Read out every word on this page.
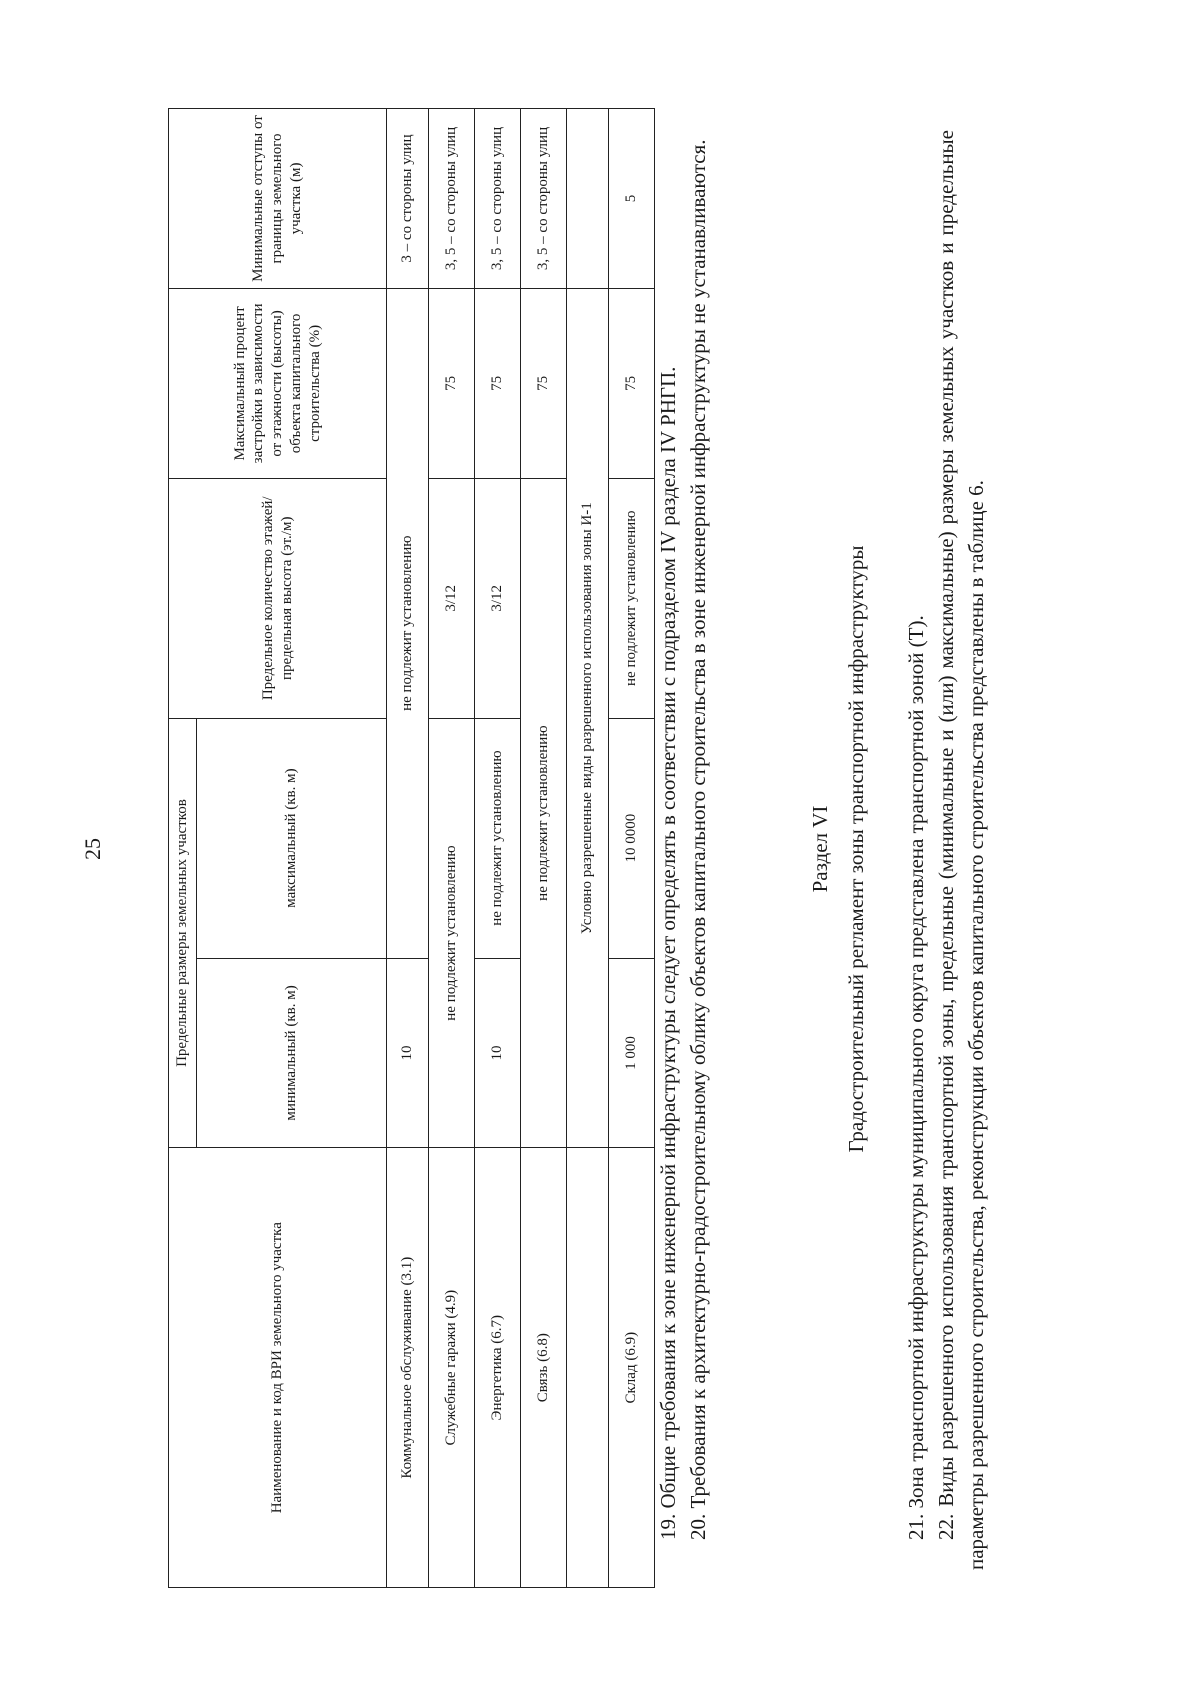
25
Наименование и код ВРИ земельного участка	Предельные размеры земельных участков		Предельное количество этажей/предельная высота (эт./м)	Максимальный процент застройки в зависимости от этажности (высоты) объекта капитального строительства (%)	Минимальные отступы от границы земельного участка (м)
	минимальный (кв. м)	максимальный (кв. м)			
Коммунальное обслуживание (3.1)	10	не подлежит установлению			3 – со стороны улиц
Служебные гаражи (4.9)	не подлежит установлению		3/12	75	3, 5 – со стороны улиц
Энергетика (6.7)	10	не подлежит установлению	3/12	75	3, 5 – со стороны улиц
Связь (6.8)	не подлежит установлению			75	3, 5 – со стороны улиц
	Условно разрешенные виды разрешенного использования зоны И-1				
Склад (6.9)	1 000	10 0000	не подлежит установлению	75	5

19. Общие требования к зоне инженерной инфраструктуры следует определять в соответствии с подразделом IV раздела IV РНГП. 20. Требования к архитектурно-градостроительному облику объектов капитального строительства в зоне инженерной инфраструктуры не устанавливаются.	Раздел VI Градостроительный регламент зоны транспортной инфраструктуры 21. Зона транспортной инфраструктуры муниципального округа представлена транспортной зоной (Т). 22. Виды разрешенного использования транспортной зоны, предельные (минимальные и (или) максимальные) размеры земельных участков и предельные параметры разрешенного строительства, реконструкции объектов капитального строительства представлены в таблице 6.
